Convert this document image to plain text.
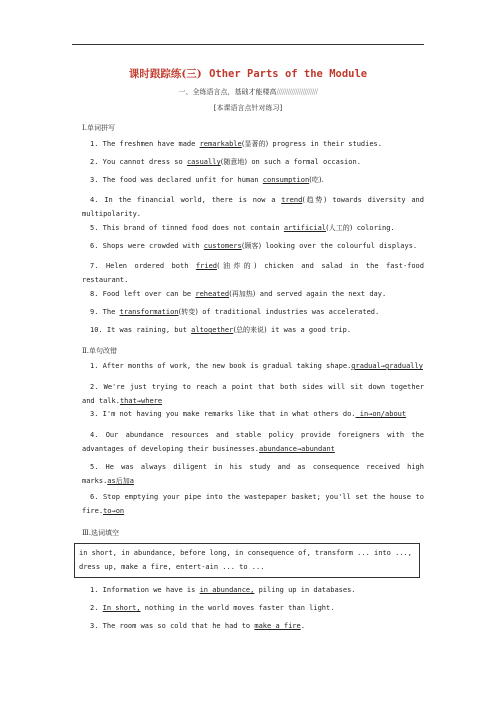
课时跟踪练(三) Other Parts of the Module
一、全练语言点，基础才能楼高//////////////////////
[本课语言点针对练习]
Ⅰ.单词拼写
1. The freshmen have made remarkable(显著的) progress in their studies.
2. You cannot dress so casually(随意地) on such a formal occasion.
3. The food was declared unfit for human consumption(吃).
4. In the financial world, there is now a trend(趋势) towards diversity and multipolarity.
5. This brand of tinned food does not contain artificial(人工的) coloring.
6. Shops were crowded with customers(顾客) looking over the colourful displays.
7. Helen ordered both fried(油炸的) chicken and salad in the fast-food restaurant.
8. Food left over can be reheated(再加热) and served again the next day.
9. The transformation(转变) of traditional industries was accelerated.
10. It was raining, but altogether(总的来说) it was a good trip.
Ⅱ.单句改错
1. After months of work, the new book is gradual taking shape.gradual→gradually
2. We're just trying to reach a point that both sides will sit down together and talk.that→where
3. I'm not having you make remarks like that in what others do._in→on/about
4. Our abundance resources and stable policy provide foreigners with the advantages of developing their businesses.abundance→abundant
5. He was always diligent in his study and as consequence received high marks.as后加a
6. Stop emptying your pipe into the wastepaper basket; you'll set the house to fire.to→on
Ⅲ.选词填空
in short, in abundance, before long, in consequence of, transform ... into ..., dress up, make a fire, entert-ain ... to ...
1. Information we have is in abundance, piling up in databases.
2. In short, nothing in the world moves faster than light.
3. The room was so cold that he had to make a fire.
